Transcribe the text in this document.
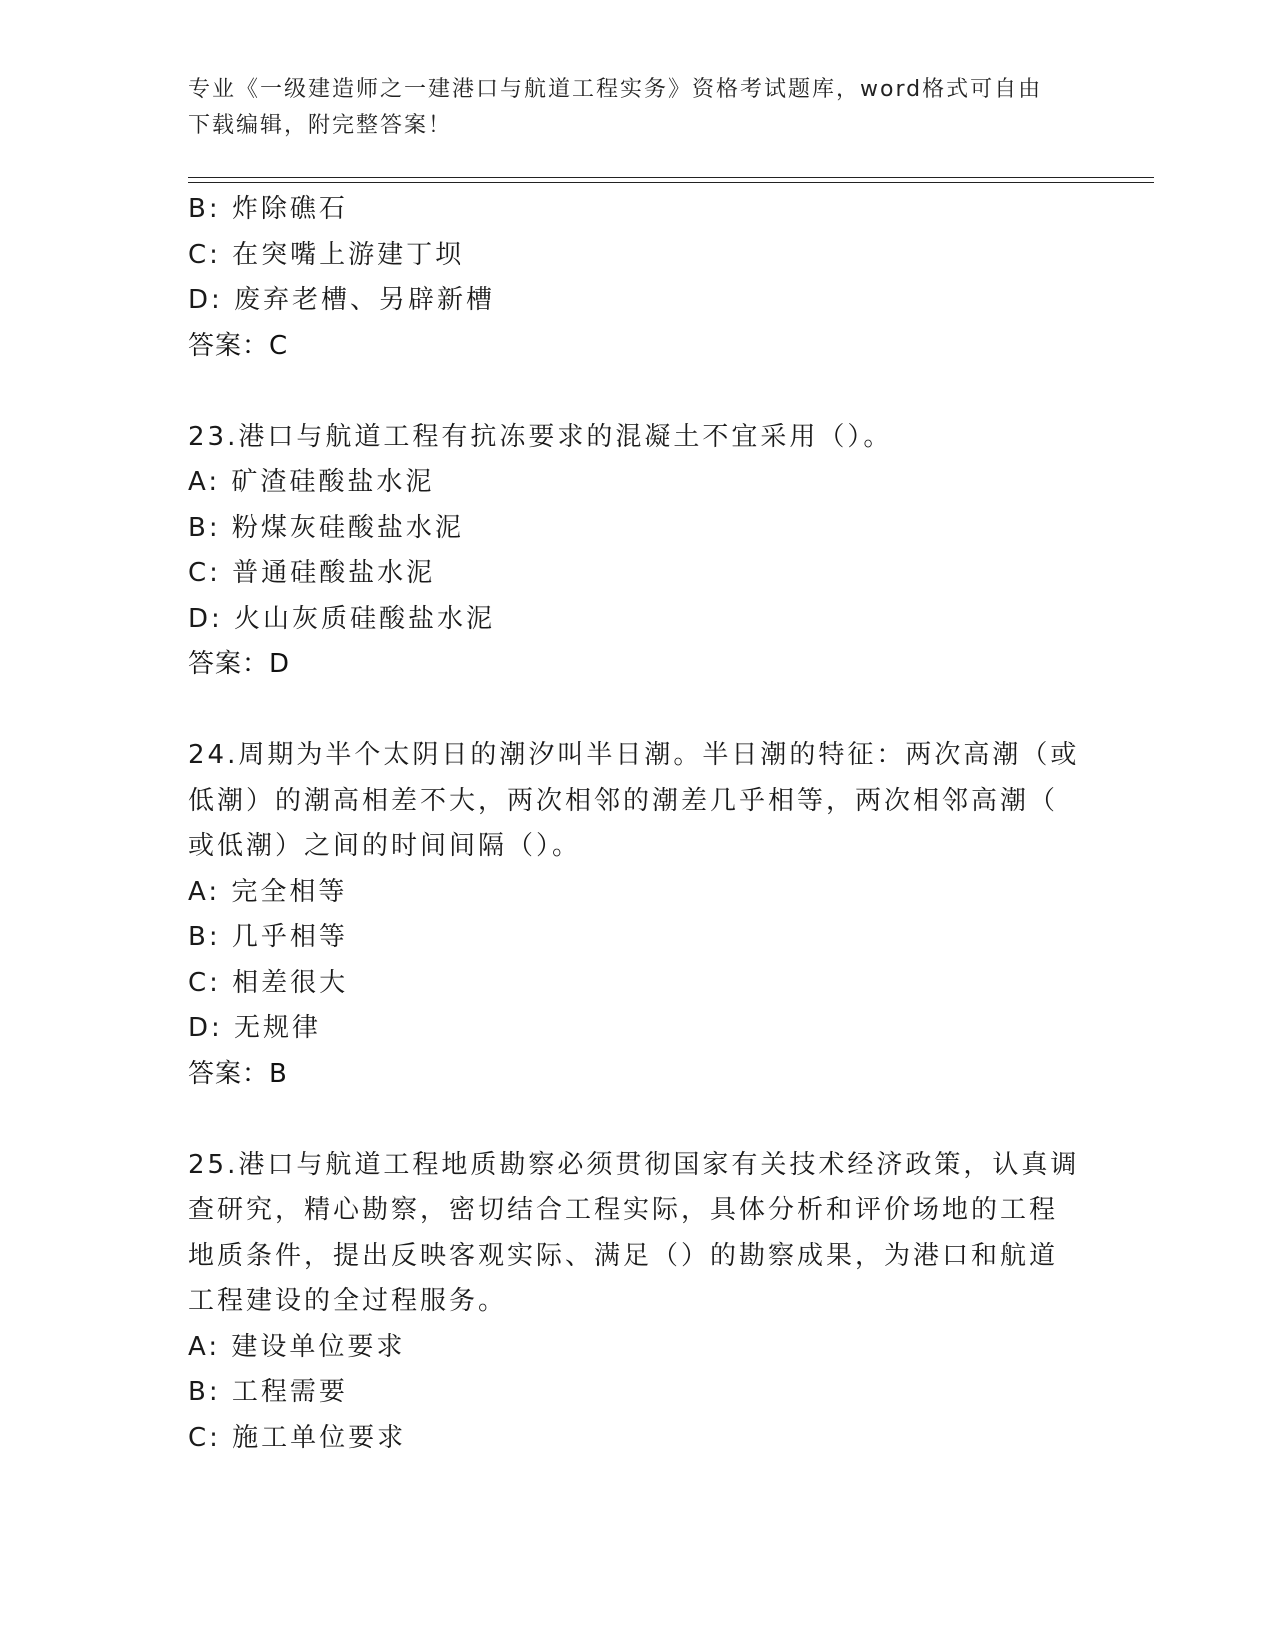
专业《一级建造师之一建港口与航道工程实务》资格考试题库，word格式可自由
下载编辑，附完整答案！
B: 炸除礁石
C: 在突嘴上游建丁坝
D: 废弃老槽、另辟新槽
答案：C
23.港口与航道工程有抗冻要求的混凝土不宜采用（）。
A: 矿渣硅酸盐水泥
B: 粉煤灰硅酸盐水泥
C: 普通硅酸盐水泥
D: 火山灰质硅酸盐水泥
答案：D
24.周期为半个太阴日的潮汐叫半日潮。半日潮的特征：两次高潮（或
低潮）的潮高相差不大，两次相邻的潮差几乎相等，两次相邻高潮（
或低潮）之间的时间间隔（）。
A: 完全相等
B: 几乎相等
C: 相差很大
D: 无规律
答案：B
25.港口与航道工程地质勘察必须贯彻国家有关技术经济政策，认真调
查研究，精心勘察，密切结合工程实际，具体分析和评价场地的工程
地质条件，提出反映客观实际、满足（）的勘察成果，为港口和航道
工程建设的全过程服务。
A: 建设单位要求
B: 工程需要
C: 施工单位要求
